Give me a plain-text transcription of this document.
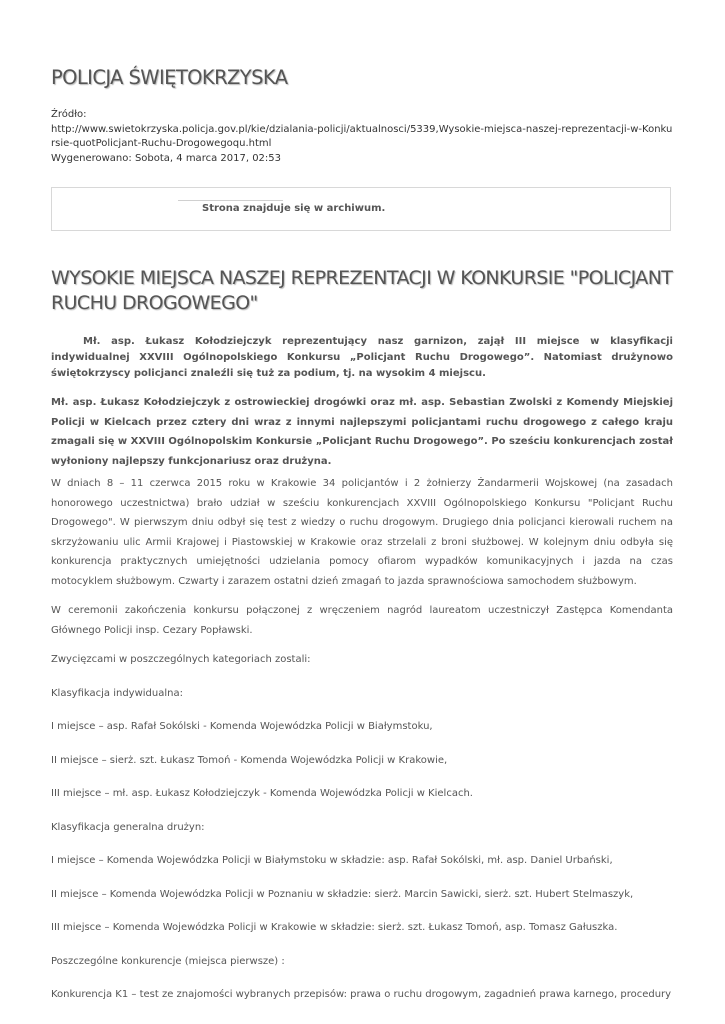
POLICJA ŚWIĘTOKRZYSKA
Źródło:
http://www.swietokrzyska.policja.gov.pl/kie/dzialania-policji/aktualnosci/5339,Wysokie-miejsca-naszej-reprezentacji-w-Konkursie-quotPolicjant-Ruchu-Drogowegoqu.html
Wygenerowano: Sobota, 4 marca 2017, 02:53
Strona znajduje się w archiwum.
WYSOKIE MIEJSCA NASZEJ REPREZENTACJI W KONKURSIE "POLICJANT RUCHU DROGOWEGO"

Mł. asp. Łukasz Kołodziejczyk reprezentujący nasz garnizon, zajął III miejsce w klasyfikacji indywidualnej XXVIII Ogólnopolskiego Konkursu „Policjant Ruchu Drogowego”. Natomiast drużynowo świętokrzyscy policjanci znaleźli się tuż za podium, tj. na wysokim 4 miejscu.

Mł. asp. Łukasz Kołodziejczyk z ostrowieckiej drogówki oraz mł. asp. Sebastian Zwolski z Komendy Miejskiej Policji w Kielcach przez cztery dni wraz z innymi najlepszymi policjantami ruchu drogowego z całego kraju zmagali się w XXVIII Ogólnopolskim Konkursie „Policjant Ruchu Drogowego”. Po sześciu konkurencjach został wyłoniony najlepszy funkcjonariusz oraz drużyna.

W dniach 8 – 11 czerwca 2015 roku w Krakowie 34 policjantów i 2 żołnierzy Żandarmerii Wojskowej (na zasadach honorowego uczestnictwa) brało udział w sześciu konkurencjach XXVIII Ogólnopolskiego Konkursu "Policjant Ruchu Drogowego". W pierwszym dniu odbył się test z wiedzy o ruchu drogowym. Drugiego dnia policjanci kierowali ruchem na skrzyżowaniu ulic Armii Krajowej i Piastowskiej w Krakowie oraz strzelali z broni służbowej. W kolejnym dniu odbyła się konkurencja praktycznych umiejętności udzielania pomocy ofiarom wypadków komunikacyjnych i jazda na czas motocyklem służbowym. Czwarty i zarazem ostatni dzień zmagań to jazda sprawnościowa samochodem służbowym.

W ceremonii zakończenia konkursu połączonej z wręczeniem nagród laureatom uczestniczył Zastępca Komendanta Głównego Policji insp. Cezary Popławski.

Zwycięzcami w poszczególnych kategoriach zostali:

Klasyfikacja indywidualna:

I miejsce – asp. Rafał Sokólski - Komenda Wojewódzka Policji w Białymstoku,

II miejsce – sierż. szt. Łukasz Tomoń - Komenda Wojewódzka Policji w Krakowie,

III miejsce – mł. asp. Łukasz Kołodziejczyk - Komenda Wojewódzka Policji w Kielcach.

Klasyfikacja generalna drużyn:

I miejsce – Komenda Wojewódzka Policji w Białymstoku w składzie: asp. Rafał Sokólski, mł. asp. Daniel Urbański,

II miejsce – Komenda Wojewódzka Policji w Poznaniu w składzie: sierż. Marcin Sawicki, sierż. szt. Hubert Stelmaszyk,

III miejsce – Komenda Wojewódzka Policji w Krakowie w składzie: sierż. szt. Łukasz Tomoń, asp. Tomasz Gałuszka.

Poszczególne konkurencje (miejsca pierwsze) :

Konkurencja K1 – test ze znajomości wybranych przepisów: prawa o ruchu drogowym, zagadnień prawa karnego, procedury
